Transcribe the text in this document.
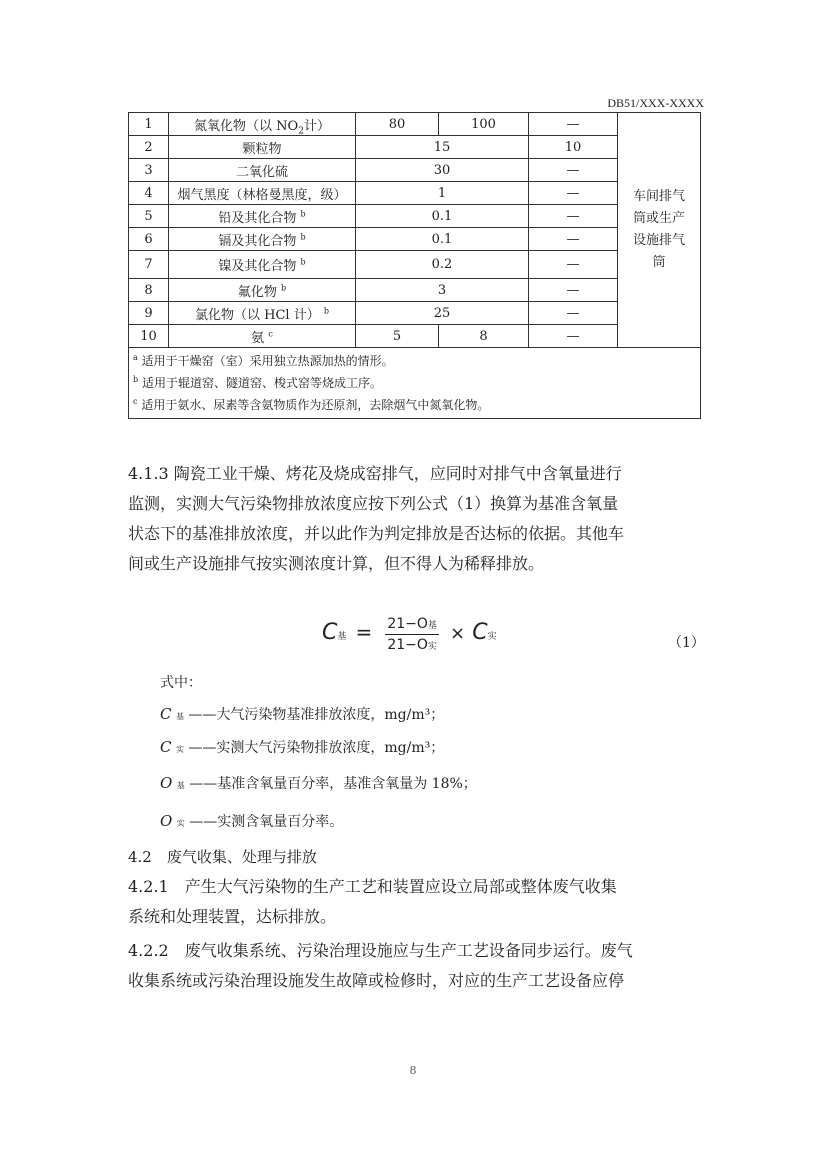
DB51/XXX-XXXX
1	氮氧化物（以 $NO_2$计）	80	100	—	车间排气
筒或生产
设施排气
筒

2	颗粒物	15		10	
3	二氧化硫	30		—	
4	烟气黑度（林格曼黑度，级）	1		—	
5	铅及其化合物 $^b$	0.1		—	
6	镉及其化合物 $^b$	0.1		—	
7	镍及其化合物 $^b$	0.2		—	
8	氟化物 $^b$	3		—	
9	氯化物（以 HCl 计） $^b$	25		—	
10	氨 $^c$	5	8	—	

$^a$ 适用于干燥窑（室）采用独立热源加热的情形。
$^b$ 适用于辊道窑、隧道窑、梭式窑等烧成工序。
$^c$ 适用于氨水、尿素等含氨物质作为还原剂，去除烟气中氮氧化物。					
4.1.3 陶瓷工业干燥、烤花及烧成窑排气，应同时对排气中含氧量进行
监测，实测大气污染物排放浓度应按下列公式（1）换算为基准含氧量
状态下的基准排放浓度，并以此作为判定排放是否达标的依据。其他车
间或生产设施排气按实测浓度计算，但不得人为稀释排放。
C基 = $\frac{\text{21−O基}}{\text{21−O实}} \times C$实	（1）
式中：
C 基 ——大气污染物基准排放浓度，mg/m³；
C 实 ——实测大气污染物排放浓度，mg/m³；
O 基 ——基准含氧量百分率，基准含氧量为 18%；
O 实 ——实测含氧量百分率。
4.2　废气收集、处理与排放
4.2.1　产生大气污染物的生产工艺和装置应设立局部或整体废气收集
系统和处理装置，达标排放。
4.2.2　废气收集系统、污染治理设施应与生产工艺设备同步运行。废气
收集系统或污染治理设施发生故障或检修时，对应的生产工艺设备应停
8
